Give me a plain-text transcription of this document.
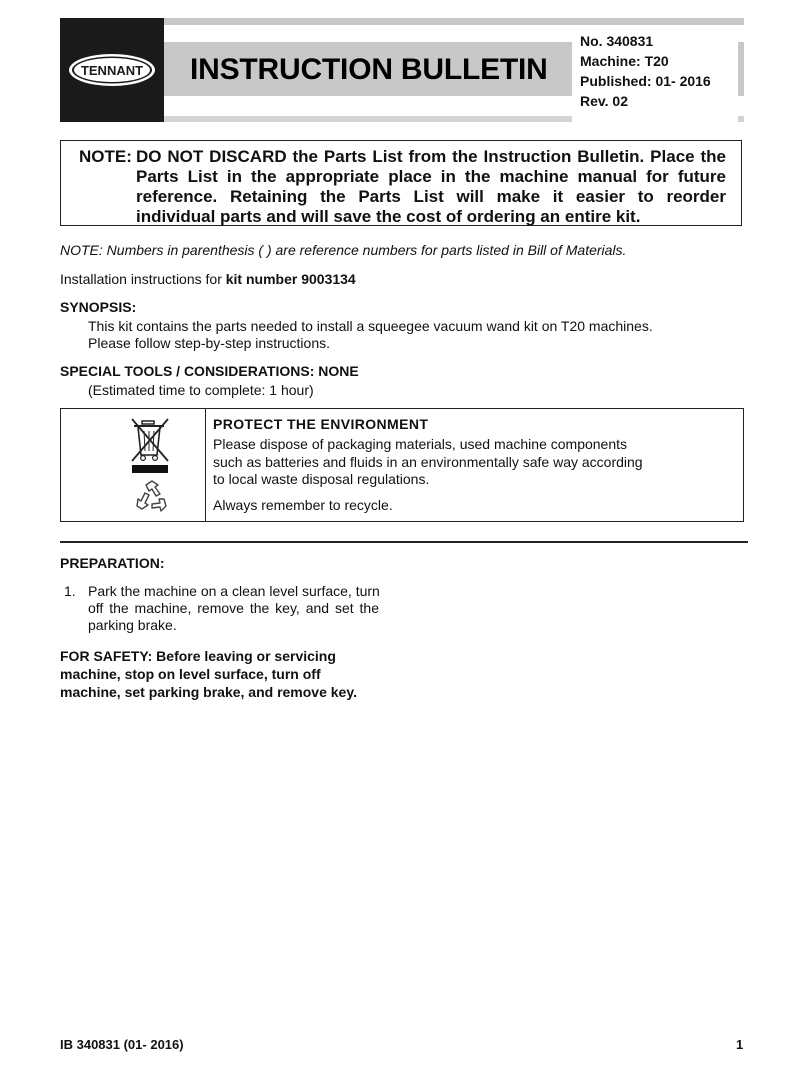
TENNANT INSTRUCTION BULLETIN
No. 340831
Machine: T20
Published: 01- 2016
Rev. 02
NOTE: DO NOT DISCARD the Parts List from the Instruction Bulletin. Place the Parts List in the appropriate place in the machine manual for future reference. Retaining the Parts List will make it easier to reorder individual parts and will save the cost of ordering an entire kit.
NOTE: Numbers in parenthesis ( ) are reference numbers for parts listed in Bill of Materials.
Installation instructions for kit number 9003134
SYNOPSIS:
This kit contains the parts needed to install a squeegee vacuum wand kit on T20 machines.
Please follow step-by-step instructions.
SPECIAL TOOLS / CONSIDERATIONS: NONE
(Estimated time to complete: 1 hour)
PROTECT THE ENVIRONMENT
Please dispose of packaging materials, used machine components
such as batteries and fluids in an environmentally safe way according
to local waste disposal regulations.
Always remember to recycle.
PREPARATION:
1. Park the machine on a clean level surface, turn
off the machine, remove the key, and set the
parking brake.
FOR SAFETY: Before leaving or servicing
machine, stop on level surface, turn off
machine, set parking brake, and remove key.
IB 340831 (01- 2016)	1
